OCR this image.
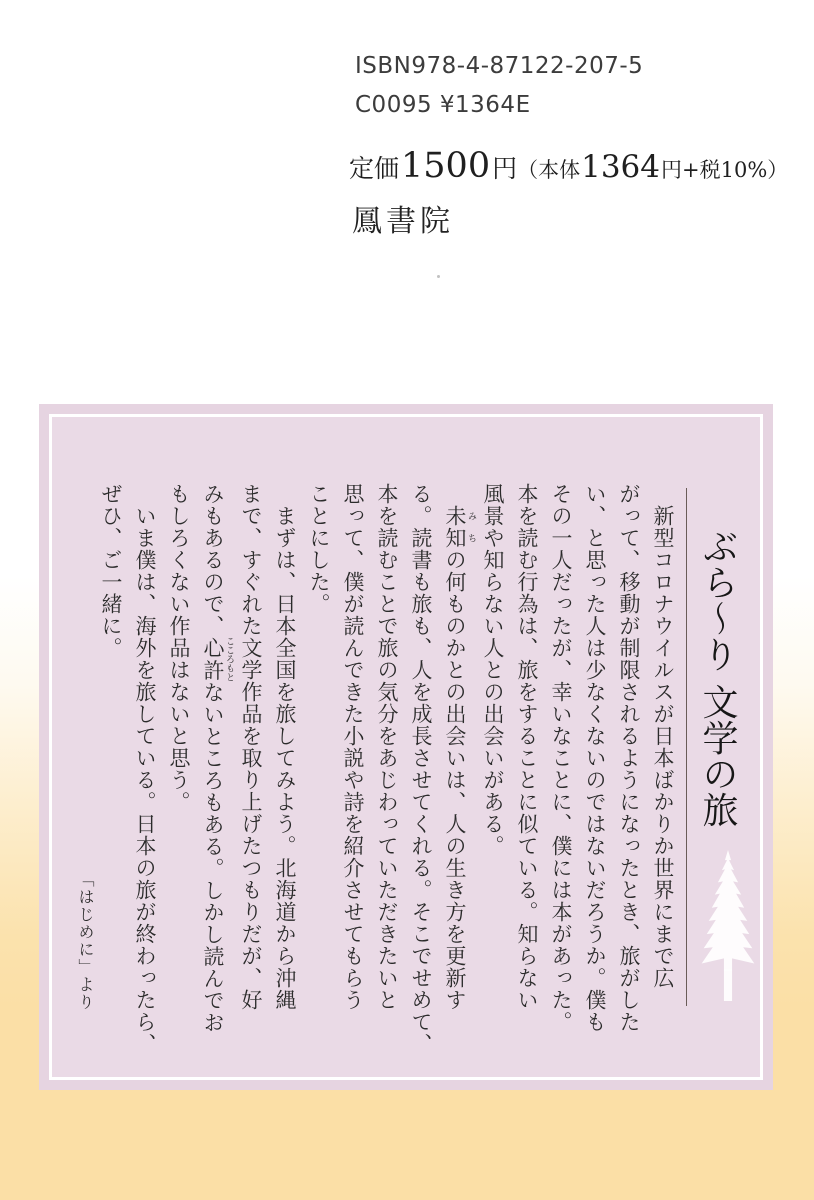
ISBN978-4-87122-207-5
C0095 ¥1364E
定価 1500 円 （本体 1364 円+税10%）
鳳書院
ぶら〜り 文学の旅

新型コロナウイルスが日本ばかりか世界にまで広

がって、移動が制限されるようになったとき、旅がした

い、と思った人は少なくないのではないだろうか。僕も

その一人だったが、幸いなことに、僕には本があった。

本を読む行為は、旅をすることに似ている。知らない

風景や知らない人との出会いがある。

未知 みちの何ものかとの出会いは、人の生き方を更新す

る。読書も旅も、人を成長させてくれる。そこでせめて、

本を読むことで旅の気分をあじわっていただきたいと

思って、僕が読んできた小説や詩を紹介させてもらう

ことにした。

まずは、日本全国を旅してみよう。北海道から沖縄

まで、すぐれた文学作品を取り上げたつもりだが、好

みもあるので、心許 こころもとないところもある。しかし読んでお

もしろくない作品はないと思う。

いま僕は、海外を旅している。日本の旅が終わったら、

ぜひ、ご一緒に。

「はじめに」より
